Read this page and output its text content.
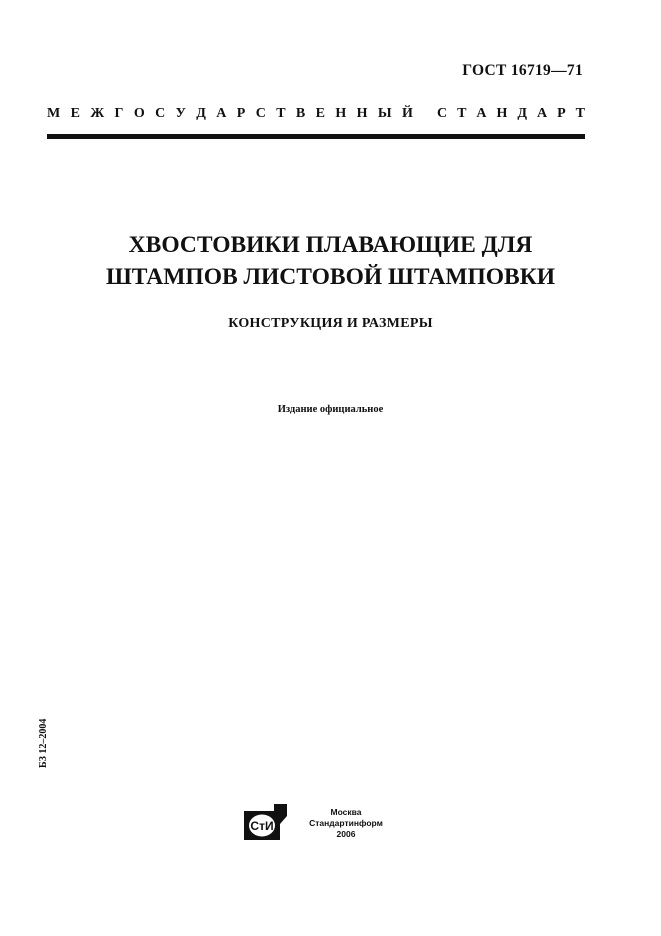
ГОСТ 16719—71
М Е Ж Г О С У Д А Р С Т В Е Н Н Ы Й С Т А Н Д А Р Т
ХВОСТОВИКИ ПЛАВАЮЩИЕ ДЛЯ
ШТАМПОВ ЛИСТОВОЙ ШТАМПОВКИ
КОНСТРУКЦИЯ И РАЗМЕРЫ
Издание официальное
БЗ 12–2004
СтИ
Москва
Стандартинформ
2006
